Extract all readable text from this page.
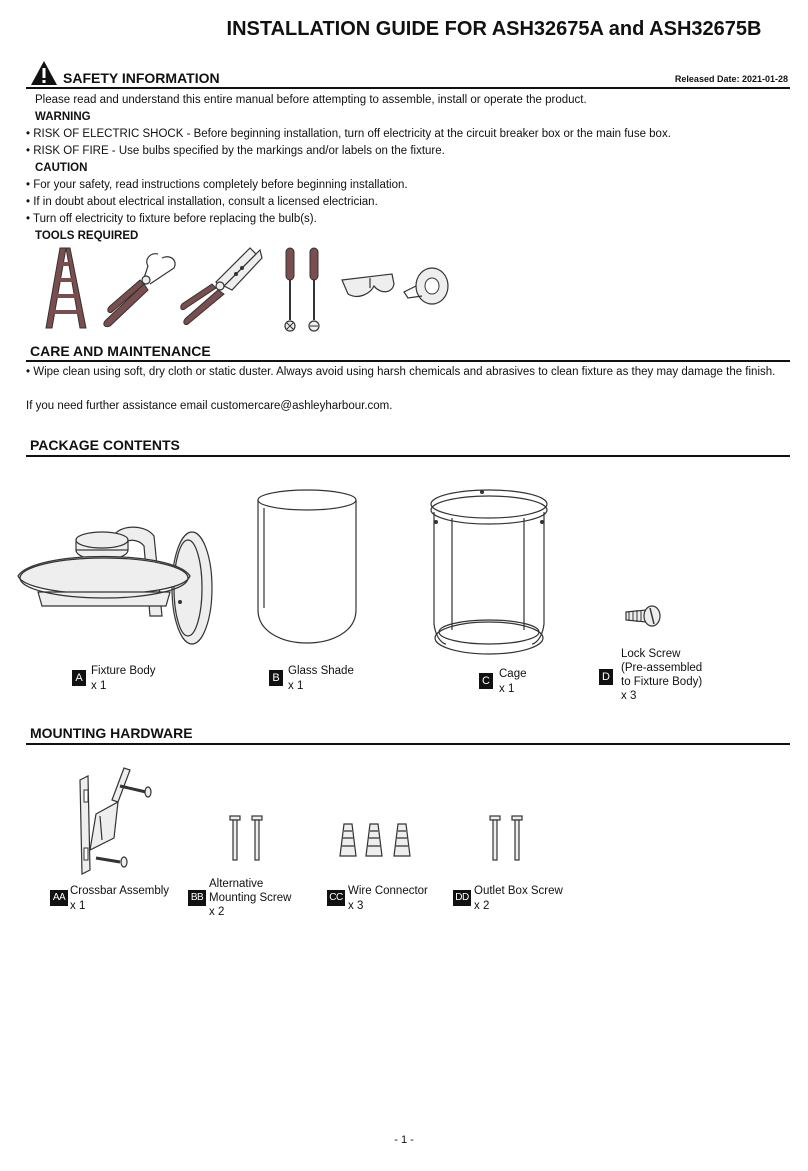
INSTALLATION GUIDE FOR ASH32675A and ASH32675B
SAFETY INFORMATION	Released Date: 2021-01-28
Please read and understand this entire manual before attempting to assemble, install or operate the product.
WARNING
• RISK OF ELECTRIC SHOCK - Before beginning installation, turn off electricity at the circuit breaker box or the main fuse box.
• RISK OF FIRE - Use bulbs specified by the markings and/or labels on the fixture.
CAUTION
• For your safety, read instructions completely before beginning installation.
• If in doubt about electrical installation, consult a licensed electrician.
• Turn off electricity to fixture before replacing the bulb(s).
TOOLS REQUIRED
CARE AND MAINTENANCE
• Wipe clean using soft, dry cloth or static duster. Always avoid using harsh chemicals and abrasives to clean fixture as they may damage the finish.
If you need further assistance email customercare@ashleyharbour.com.
PACKAGE CONTENTS
A
Fixture Body
x 1
B
Glass Shade
x 1	C
Cage
x 1
D
Lock Screw
(Pre-assembled
to Fixture Body)
x 3
MOUNTING HARDWARE
AA
Crossbar Assembly
x 1
BB
Alternative
Mounting Screw
x 2
CC
Wire Connector
x 3
DD
Outlet Box Screw
x 2
- 1 -
